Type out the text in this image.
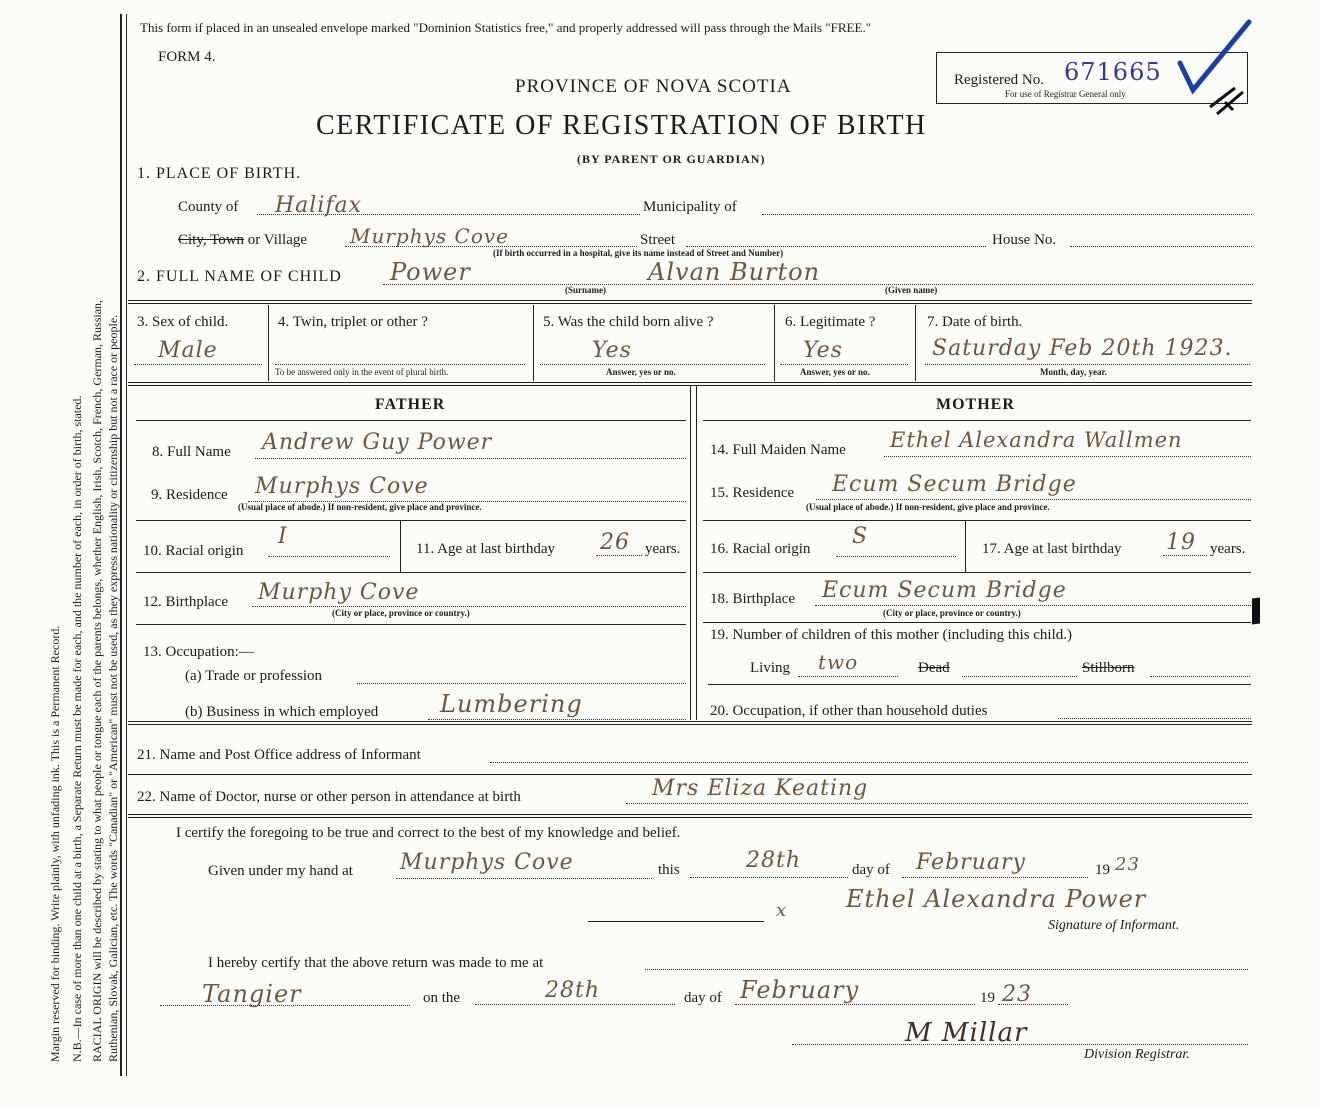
Margin reserved for binding. Write plainly, with unfading ink. This is a Permanent Record. N.B.—In case of more than one child at a birth, a Separate Return must be made for each, and the number of each, in order of birth, stated. RACIAL ORIGIN will be described by stating to what people or tongue each of the parents belongs, whether English, Irish, Scotch, French, German, Russian, Ruthenian, Slovak, Galician, etc. The words "Canadian" or "American" must not be used, as they express nationality or citizenship but not a race or people.
This form if placed in an unsealed envelope marked "Dominion Statistics free," and properly addressed will pass through the Mails "FREE."
FORM 4.
PROVINCE OF NOVA SCOTIA
CERTIFICATE OF REGISTRATION OF BIRTH
(BY PARENT OR GUARDIAN)
Registered No. 671665
For use of Registrar General only
1. PLACE OF BIRTH.
County of Halifax	Municipality of
City, Town or Village Murphys Cove	Street	House No.
(If birth occurred in a hospital, give its name instead of Street and Number)
2. FULL NAME OF CHILD Power	Alvan Burton
(Surname)	(Given name)
3. Sex of child.
Male
4. Twin, triplet or other ?
To be answered only in the event of plural birth.
5. Was the child born alive ?
Yes
Answer, yes or no.
6. Legitimate ?
Yes
Answer, yes or no.
7. Date of birth.
Saturday Feb 20th 1923.
Month, day, year.
FATHER	MOTHER
8. Full Name Andrew Guy Power
9. Residence Murphys Cove
(Usual place of abode.) If non-resident, give place and province.
10. Racial origin
I	11. Age at last birthday 26 years.
12. Birthplace Murphy Cove
(City or place, province or country.)
13. Occupation:—
(a) Trade or profession
(b) Business in which employed	Lumbering
14. Full Maiden Name Ethel Alexandra Wallmen
15. Residence Ecum Secum Bridge
(Usual place of abode.) If non-resident, give place and province.
16. Racial origin S	17. Age at last birthday 19 years.
18. Birthplace Ecum Secum Bridge
(City or place, province or country.)
19. Number of children of this mother (including this child.)
Living two	Dead	Stillborn
20. Occupation, if other than household duties
21. Name and Post Office address of Informant
22. Name of Doctor, nurse or other person in attendance at birth	Mrs Eliza Keating
I certify the foregoing to be true and correct to the best of my knowledge and belief.
Given under my hand at Murphys Cove	this	28th	day of February	19 23
x Ethel Alexandra Power
Signature of Informant.
I hereby certify that the above return was made to me at
Tangier	on the	28th	day of February	19 23
M Millar
Division Registrar.
